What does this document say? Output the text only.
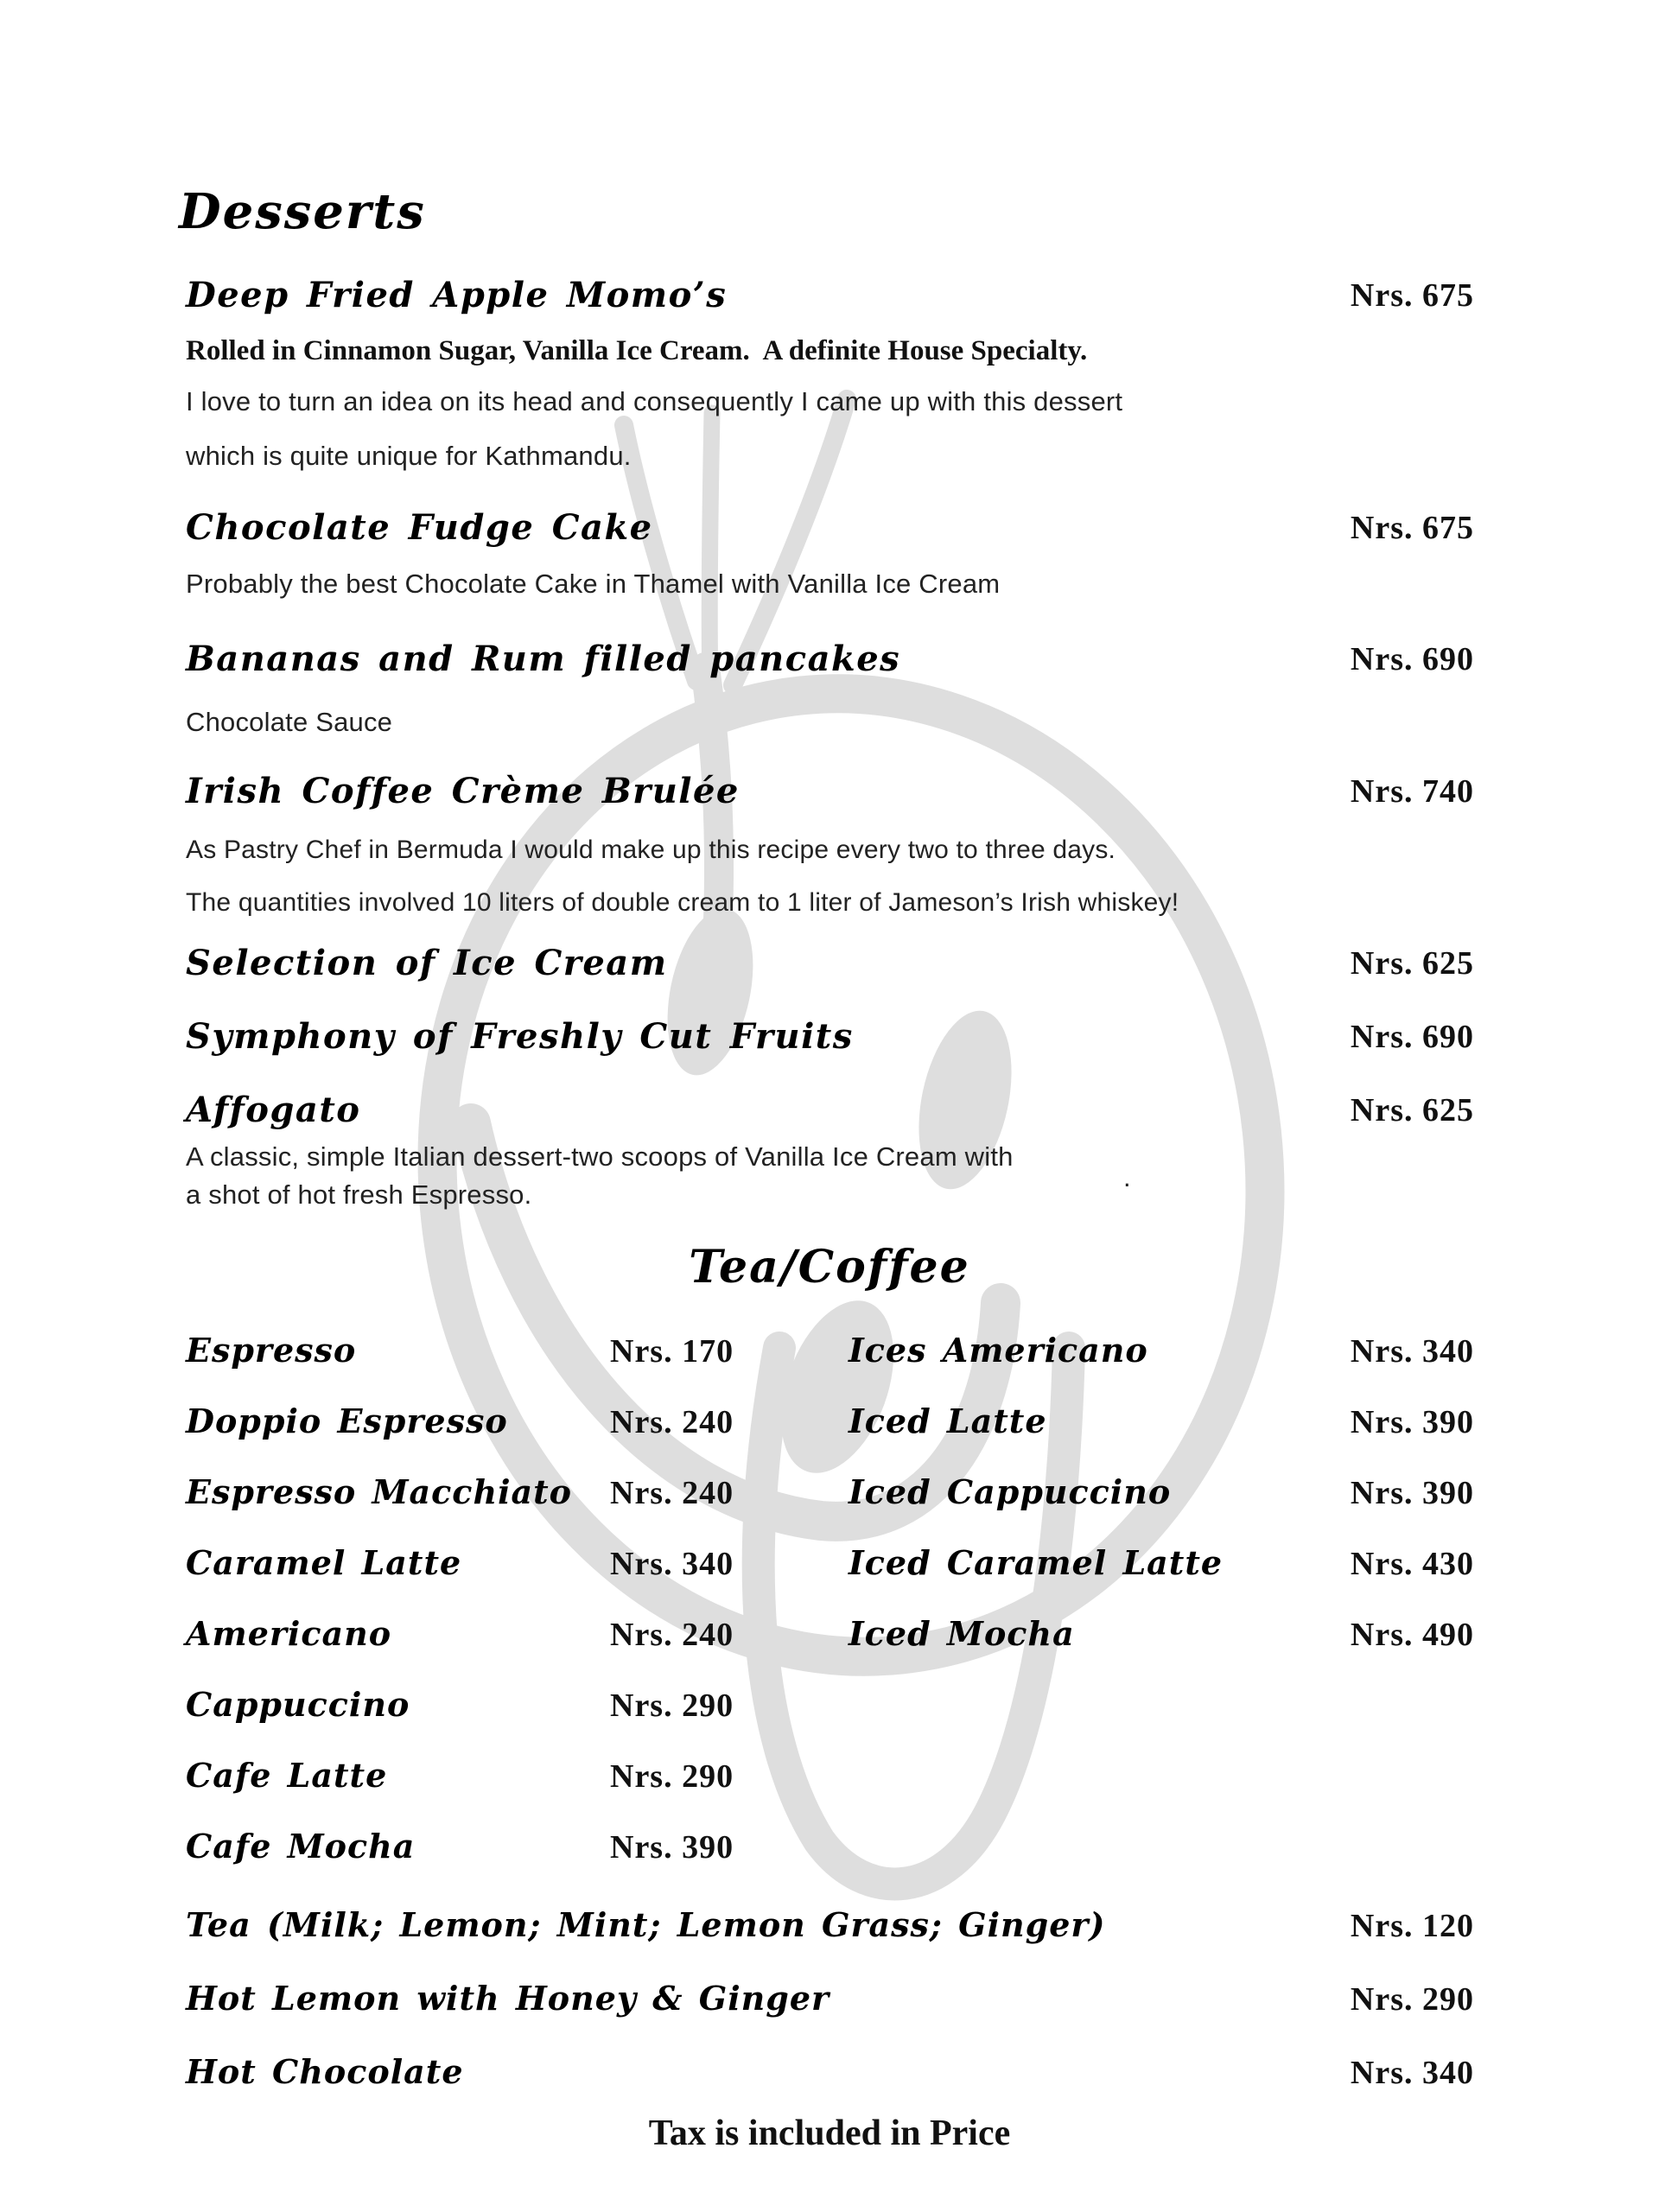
Desserts
Deep Fried Apple Momo’s	Nrs. 675
Rolled in Cinnamon Sugar, Vanilla Ice Cream.  A definite House Specialty.
I love to turn an idea on its head and consequently I came up with this dessert
which is quite unique for Kathmandu.
Chocolate Fudge Cake	Nrs. 675
Probably the best Chocolate Cake in Thamel with Vanilla Ice Cream
Bananas and Rum filled pancakes	Nrs. 690
Chocolate Sauce
Irish Coffee Crème Brulée	Nrs. 740
As Pastry Chef in Bermuda I would make up this recipe every two to three days.
The quantities involved 10 liters of double cream to 1 liter of Jameson’s Irish whiskey!
Selection of Ice Cream	Nrs. 625
Symphony of Freshly Cut Fruits	Nrs. 690
Affogato	Nrs. 625
A classic, simple Italian dessert-two scoops of Vanilla Ice Cream with
a shot of hot fresh Espresso.
.
Tea/Coffee
Espresso	Nrs. 170
Doppio Espresso	Nrs. 240
Espresso Macchiato Nrs. 240
Caramel Latte	Nrs. 340
Americano	Nrs. 240
Cappuccino	Nrs. 290
Cafe Latte	Nrs. 290
Cafe Mocha	Nrs. 390
Ices Americano	Nrs. 340
Iced Latte	Nrs. 390
Iced Cappuccino	Nrs. 390
Iced Caramel Latte	Nrs. 430
Iced Mocha	Nrs. 490
Tea (Milk; Lemon; Mint; Lemon Grass; Ginger)	Nrs. 120
Hot Lemon with Honey & Ginger	Nrs. 290
Hot Chocolate	Nrs. 340
Tax is included in Price
